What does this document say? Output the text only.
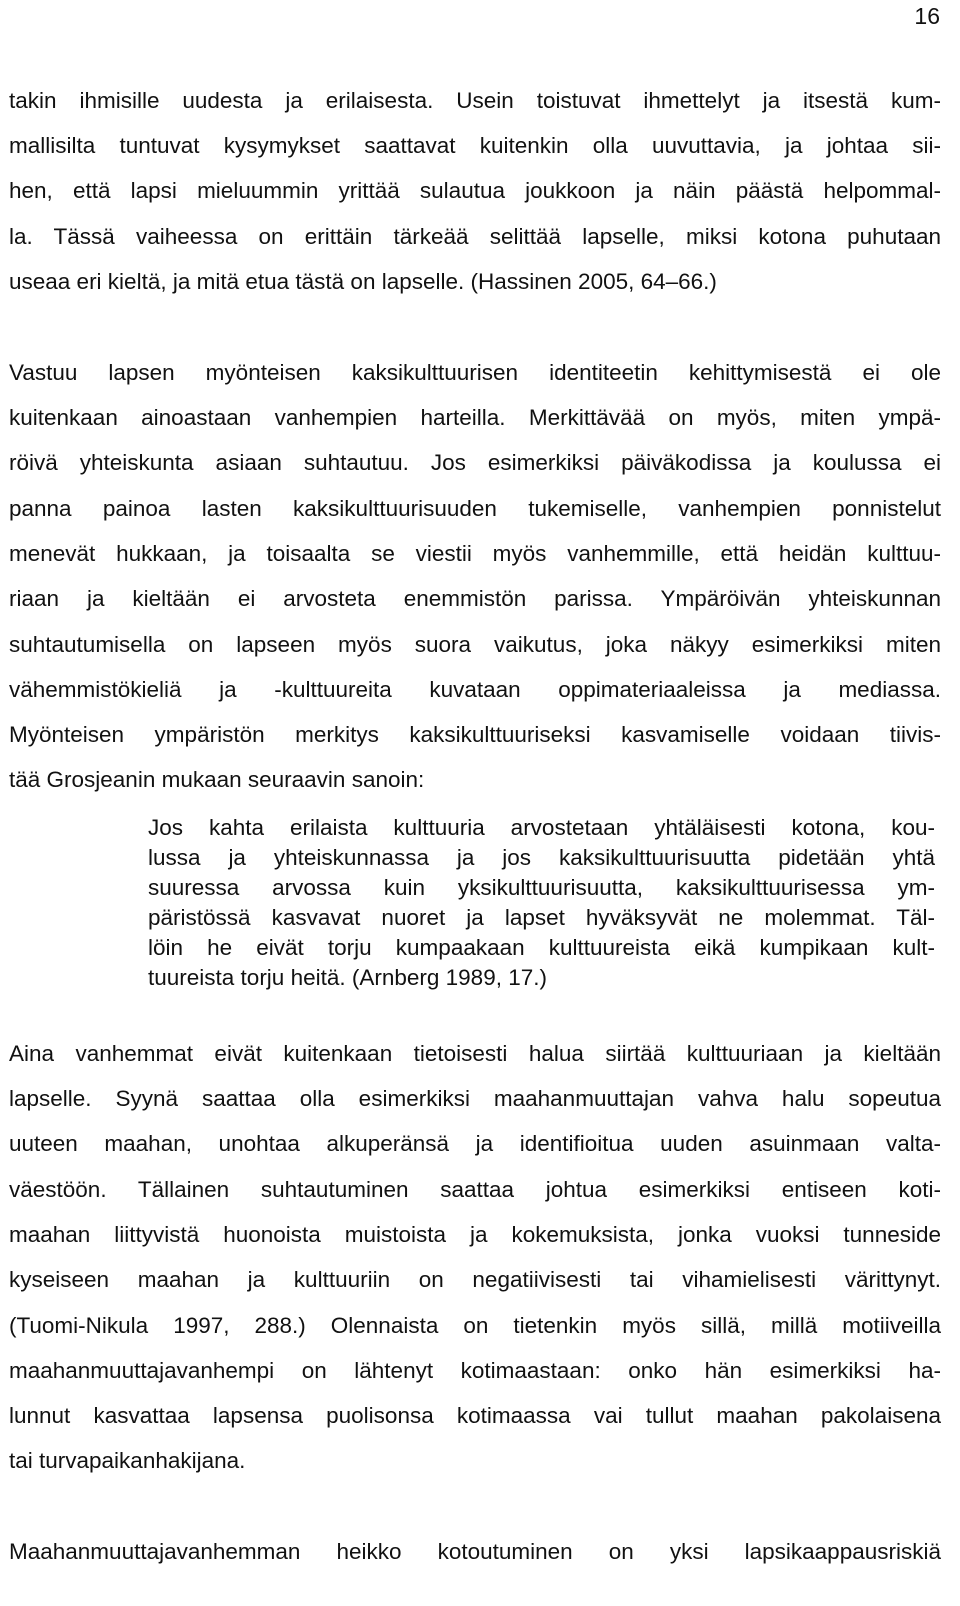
16
takin ihmisille uudesta ja erilaisesta. Usein toistuvat ihmettelyt ja itsestä kum-
mallisilta tuntuvat kysymykset saattavat kuitenkin olla uuvuttavia, ja johtaa sii-
hen, että lapsi mieluummin yrittää sulautua joukkoon ja näin päästä helpommal-
la. Tässä vaiheessa on erittäin tärkeää selittää lapselle, miksi kotona puhutaan
useaa eri kieltä, ja mitä etua tästä on lapselle. (Hassinen 2005, 64–66.)
Vastuu lapsen myönteisen kaksikulttuurisen identiteetin kehittymisestä ei ole
kuitenkaan ainoastaan vanhempien harteilla. Merkittävää on myös, miten ympä-
röivä yhteiskunta asiaan suhtautuu. Jos esimerkiksi päiväkodissa ja koulussa ei
panna painoa lasten kaksikulttuurisuuden tukemiselle, vanhempien ponnistelut
menevät hukkaan, ja toisaalta se viestii myös vanhemmille, että heidän kulttuu-
riaan ja kieltään ei arvosteta enemmistön parissa. Ympäröivän yhteiskunnan
suhtautumisella on lapseen myös suora vaikutus, joka näkyy esimerkiksi miten
vähemmistökieliä ja -kulttuureita kuvataan oppimateriaaleissa ja mediassa.
Myönteisen ympäristön merkitys kaksikulttuuriseksi kasvamiselle voidaan tiivis-
tää Grosjeanin mukaan seuraavin sanoin:
Jos kahta erilaista kulttuuria arvostetaan yhtäläisesti kotona, kou-
lussa ja yhteiskunnassa ja jos kaksikulttuurisuutta pidetään yhtä
suuressa arvossa kuin yksikulttuurisuutta, kaksikulttuurisessa ym-
päristössä kasvavat nuoret ja lapset hyväksyvät ne molemmat. Täl-
löin he eivät torju kumpaakaan kulttuureista eikä kumpikaan kult-
tuureista torju heitä. (Arnberg 1989, 17.)
Aina vanhemmat eivät kuitenkaan tietoisesti halua siirtää kulttuuriaan ja kieltään
lapselle. Syynä saattaa olla esimerkiksi maahanmuuttajan vahva halu sopeutua
uuteen maahan, unohtaa alkuperänsä ja identifioitua uuden asuinmaan valta-
väestöön. Tällainen suhtautuminen saattaa johtua esimerkiksi entiseen koti-
maahan liittyvistä huonoista muistoista ja kokemuksista, jonka vuoksi tunneside
kyseiseen maahan ja kulttuuriin on negatiivisesti tai vihamielisesti värittynyt.
(Tuomi-Nikula 1997, 288.) Olennaista on tietenkin myös sillä, millä motiiveilla
maahanmuuttajavanhempi on lähtenyt kotimaastaan: onko hän esimerkiksi ha-
lunnut kasvattaa lapsensa puolisonsa kotimaassa vai tullut maahan pakolaisena
tai turvapaikanhakijana.
Maahanmuuttajavanhemman heikko kotoutuminen on yksi lapsikaappausriskiä
